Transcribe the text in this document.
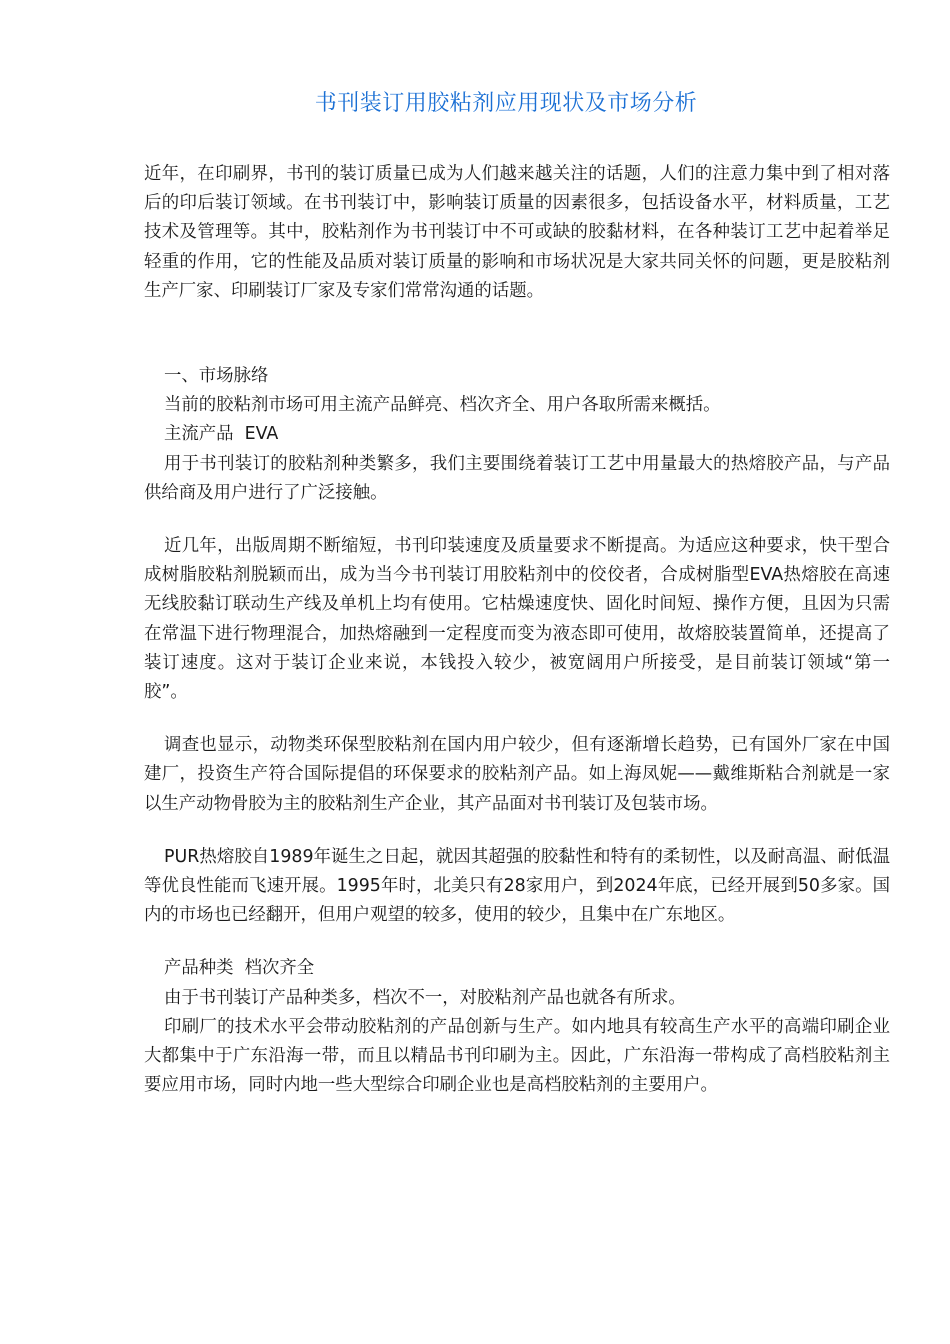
书刊装订用胶粘剂应用现状及市场分析

近年，在印刷界，书刊的装订质量已成为人们越来越关注的话题，人们的注意力集中到了相对落后的印后装订领域。在书刊装订中，影响装订质量的因素很多，包括设备水平，材料质量，工艺技术及管理等。其中，胶粘剂作为书刊装订中不可或缺的胶黏材料，在各种装订工艺中起着举足轻重的作用，它的性能及品质对装订质量的影响和市场状况是大家共同关怀的问题，更是胶粘剂生产厂家、印刷装订厂家及专家们常常沟通的话题。

一、市场脉络

当前的胶粘剂市场可用主流产品鲜亮、档次齐全、用户各取所需来概括。

主流产品  EVA

用于书刊装订的胶粘剂种类繁多，我们主要围绕着装订工艺中用量最大的热熔胶产品，与产品供给商及用户进行了广泛接触。

近几年，出版周期不断缩短，书刊印装速度及质量要求不断提高。为适应这种要求，快干型合成树脂胶粘剂脱颖而出，成为当今书刊装订用胶粘剂中的佼佼者，合成树脂型EVA热熔胶在高速无线胶黏订联动生产线及单机上均有使用。它枯燥速度快、固化时间短、操作方便，且因为只需在常温下进行物理混合，加热熔融到一定程度而变为液态即可使用，故熔胶装置简单，还提高了装订速度。这对于装订企业来说，本钱投入较少，被宽阔用户所接受，是目前装订领域“第一胶”。

调查也显示，动物类环保型胶粘剂在国内用户较少，但有逐渐增长趋势，已有国外厂家在中国建厂，投资生产符合国际提倡的环保要求的胶粘剂产品。如上海凤妮——戴维斯粘合剂就是一家以生产动物骨胶为主的胶粘剂生产企业，其产品面对书刊装订及包装市场。

PUR热熔胶自1989年诞生之日起，就因其超强的胶黏性和特有的柔韧性，以及耐高温、耐低温等优良性能而飞速开展。1995年时，北美只有28家用户，到2024年底，已经开展到50多家。国内的市场也已经翻开，但用户观望的较多，使用的较少，且集中在广东地区。

产品种类  档次齐全

由于书刊装订产品种类多，档次不一，对胶粘剂产品也就各有所求。

印刷厂的技术水平会带动胶粘剂的产品创新与生产。如内地具有较高生产水平的高端印刷企业大都集中于广东沿海一带，而且以精品书刊印刷为主。因此，广东沿海一带构成了高档胶粘剂主要应用市场，同时内地一些大型综合印刷企业也是高档胶粘剂的主要用户。
